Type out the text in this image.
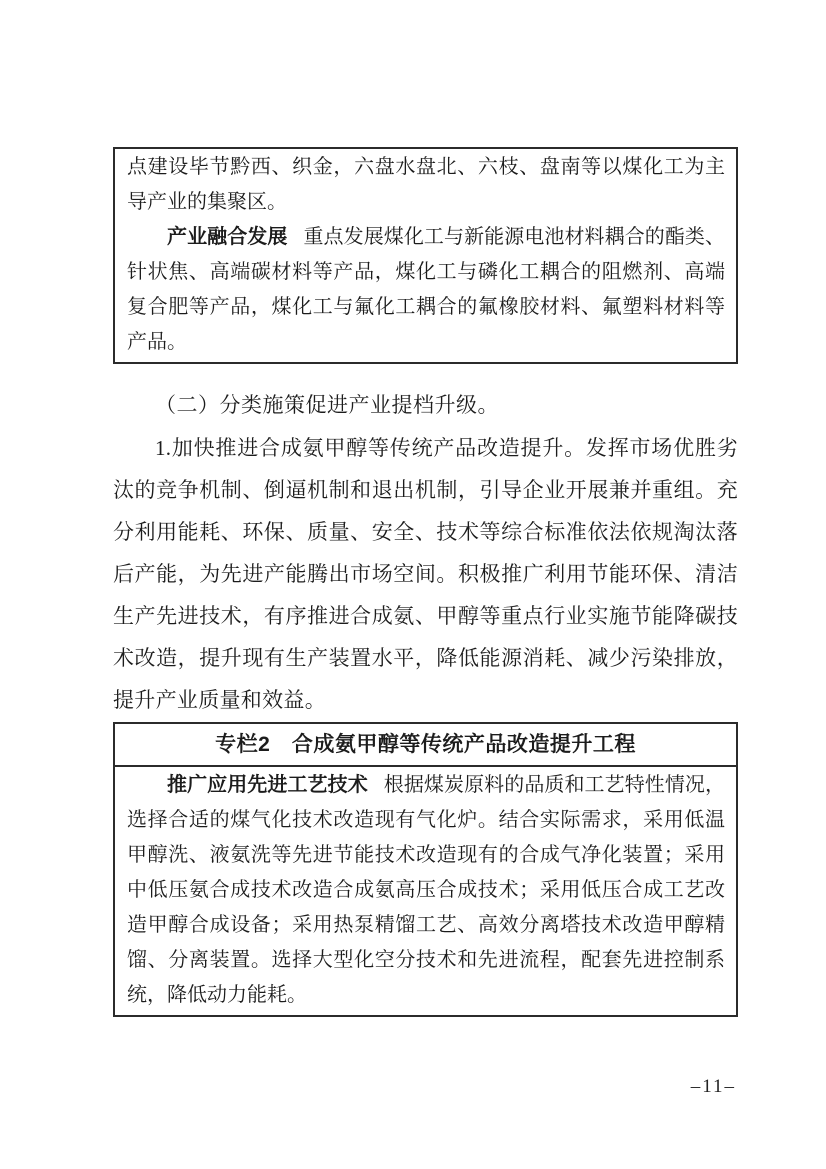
点建设毕节黔西、织金，六盘水盘北、六枝、盘南等以煤化工为主导产业的集聚区。

产业融合发展 重点发展煤化工与新能源电池材料耦合的酯类、针状焦、高端碳材料等产品，煤化工与磷化工耦合的阻燃剂、高端复合肥等产品，煤化工与氟化工耦合的氟橡胶材料、氟塑料材料等产品。

（二）分类施策促进产业提档升级。

1.加快推进合成氨甲醇等传统产品改造提升。发挥市场优胜劣汰的竞争机制、倒逼机制和退出机制，引导企业开展兼并重组。充分利用能耗、环保、质量、安全、技术等综合标准依法依规淘汰落后产能，为先进产能腾出市场空间。积极推广利用节能环保、清洁生产先进技术，有序推进合成氨、甲醇等重点行业实施节能降碳技术改造，提升现有生产装置水平，降低能源消耗、减少污染排放，提升产业质量和效益。

专栏2　合成氨甲醇等传统产品改造提升工程

推广应用先进工艺技术 根据煤炭原料的品质和工艺特性情况，选择合适的煤气化技术改造现有气化炉。结合实际需求，采用低温甲醇洗、液氨洗等先进节能技术改造现有的合成气净化装置；采用中低压氨合成技术改造合成氨高压合成技术；采用低压合成工艺改造甲醇合成设备；采用热泵精馏工艺、高效分离塔技术改造甲醇精馏、分离装置。选择大型化空分技术和先进流程，配套先进控制系统，降低动力能耗。

–11–
